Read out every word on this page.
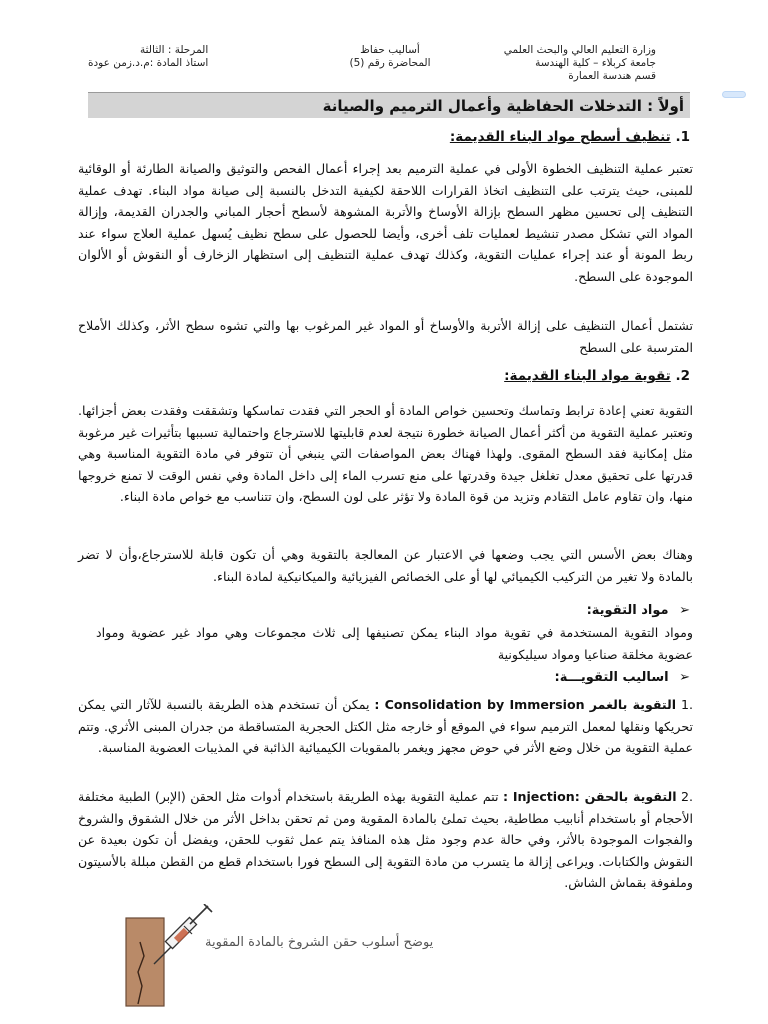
وزارة التعليم العالي والبحث العلمي
جامعة كربلاء – كلية الهندسة
قسم هندسة العمارة
أساليب حفاظ
المحاضرة رقم (5)
المرحلة : الثالثة
استاذ المادة :م.د.زمن عودة
أولاً : التدخلات الحفاظية وأعمال الترميم والصيانة
1. تنظيف أسطح مواد البناء القديمة:
تعتبر عملية التنظيف الخطوة الأولى في عملية الترميم بعد إجراء أعمال الفحص والتوثيق والصيانة الطارئة أو الوقائية للمبنى، حيث يترتب على التنظيف اتخاذ القرارات اللاحقة لكيفية التدخل بالنسبة إلى صيانة مواد البناء. تهدف عملية التنظيف إلى تحسين مظهر السطح بإزالة الأوساخ والأتربة المشوهة لأسطح أحجار المباني والجدران القديمة، وإزالة المواد التي تشكل مصدر تنشيط لعمليات تلف أخرى، وأيضا للحصول على سطح نظيف يُسهل عملية العلاج سواء عند ربط المونة أو عند إجراء عمليات التقوية، وكذلك تهدف عملية التنظيف إلى استظهار الزخارف أو النقوش أو الألوان الموجودة على السطح.
تشتمل أعمال التنظيف على إزالة الأتربة والأوساخ أو المواد غير المرغوب بها والتي تشوه سطح الأثر، وكذلك الأملاح المترسبة على السطح
2. تقوية مواد البناء القديمة:
التقوية تعني إعادة ترابط وتماسك وتحسين خواص المادة أو الحجر التي فقدت تماسكها وتشققت وفقدت بعض أجزائها. وتعتبر عملية التقوية من أكثر أعمال الصيانة خطورة نتيجة لعدم قابليتها للاسترجاع واحتمالية تسببها بتأثيرات غير مرغوبة مثل إمكانية فقد السطح المقوى. ولهذا فهناك بعض المواصفات التي ينبغي أن تتوفر في مادة التقوية المناسبة وهي قدرتها على تحقيق معدل تغلغل جيدة وقدرتها على منع تسرب الماء إلى داخل المادة وفي نفس الوقت لا تمنع خروجها منها، وان تقاوم عامل التقادم وتزيد من قوة المادة ولا تؤثر على لون السطح، وان تتناسب مع خواص مادة البناء.
وهناك بعض الأسس التي يجب وضعها في الاعتبار عن المعالجة بالتقوية وهي أن تكون قابلة للاسترجاع،وأن لا تضر بالمادة ولا تغير من التركيب الكيميائي لها أو على الخصائص الفيزيائية والميكانيكية لمادة البناء.
➢ مواد التقوية:
ومواد التقوية المستخدمة في تقوية مواد البناء يمكن تصنيفها إلى ثلاث مجموعات وهي مواد غير عضوية ومواد عضوية مخلقة صناعيا ومواد سيليكونية
➢ اساليب التقويـــة:
.1 التقوية بالغمر Consolidation by Immersion : يمكن أن تستخدم هذه الطريقة بالنسبة للآثار التي يمكن تحريكها ونقلها لمعمل الترميم سواء في الموقع أو خارجه مثل الكتل الحجرية المتساقطة من جدران المبنى الأثري. وتتم عملية التقوية من خلال وضع الأثر في حوض مجهز ويغمر بالمقويات الكيميائية الذائبة في المذيبات العضوية المناسبة.
.2 التقوية بالحقن :Injection : تتم عملية التقوية بهذه الطريقة باستخدام أدوات مثل الحقن (الإبر) الطبية مختلفة الأحجام أو باستخدام أنابيب مطاطية، بحيث تملئ بالمادة المقوية ومن ثم تحقن بداخل الأثر من خلال الشقوق والشروخ والفجوات الموجودة بالأثر، وفي حالة عدم وجود مثل هذه المنافذ يتم عمل ثقوب للحقن، ويفضل أن تكون بعيدة عن النقوش والكتابات. ويراعى إزالة ما يتسرب من مادة التقوية إلى السطح فورا باستخدام قطع من القطن مبللة بالأسيتون وملفوفة بقماش الشاش.
يوضح أسلوب حقن الشروخ بالمادة المقوية
